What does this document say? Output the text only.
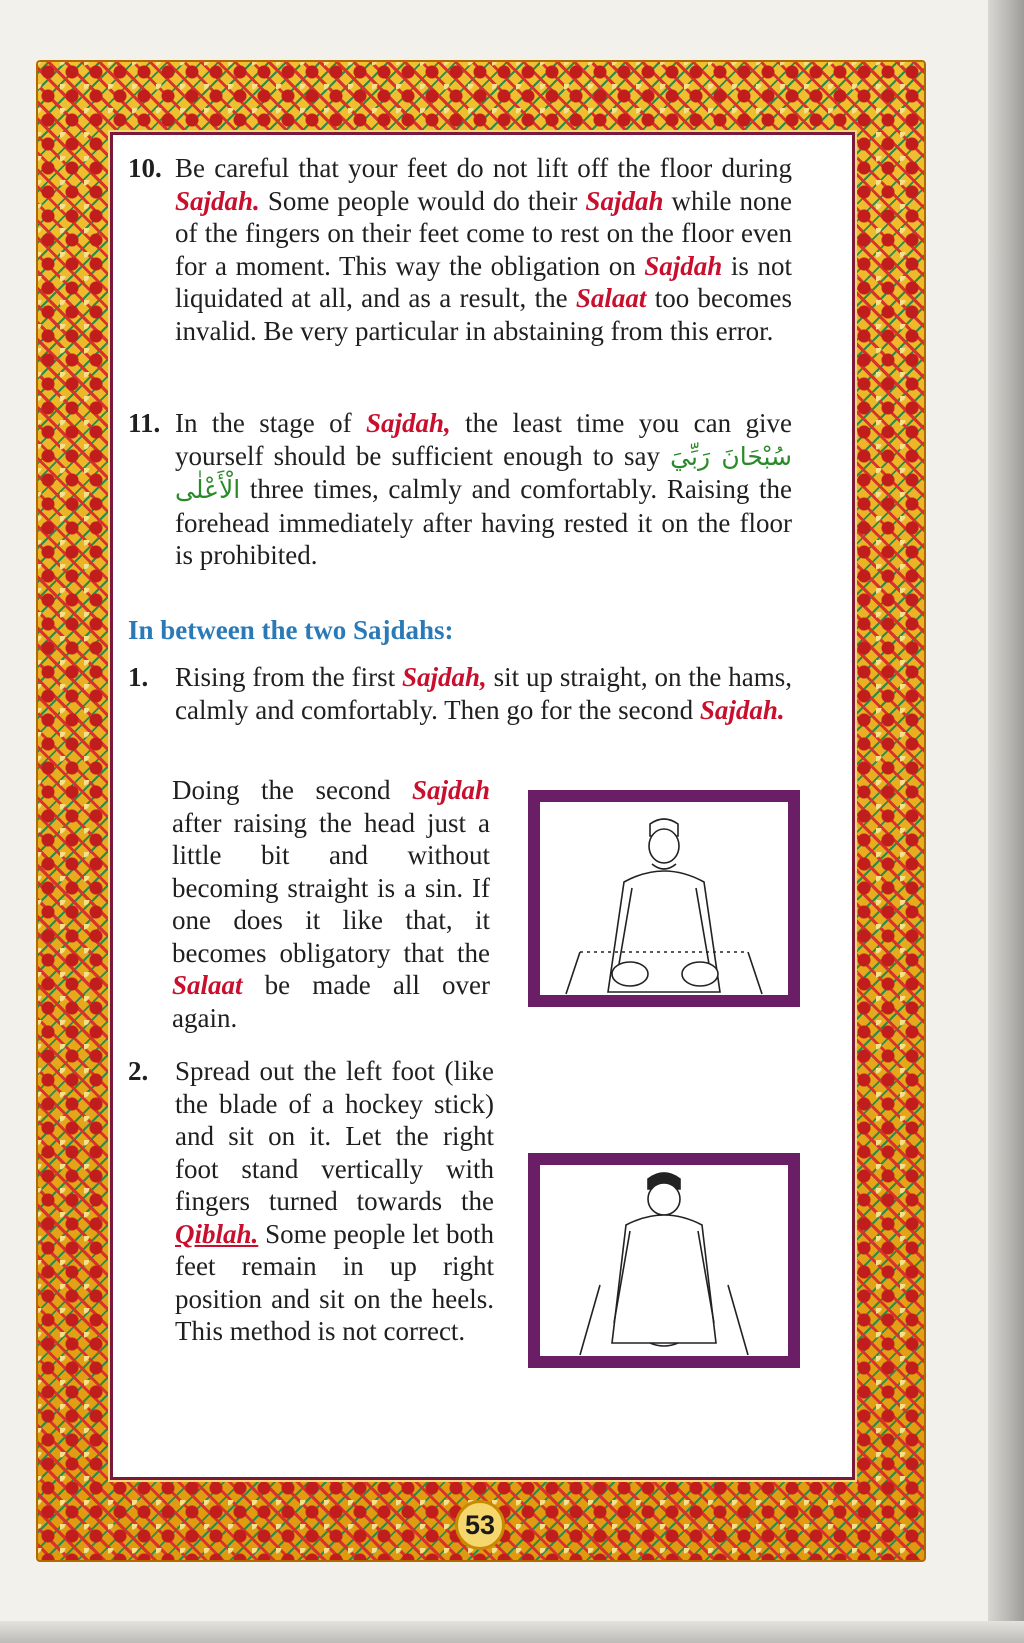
10. Be careful that your feet do not lift off the floor during Sajdah. Some people would do their Sajdah while none of the fingers on their feet come to rest on the floor even for a moment. This way the obligation on Sajdah is not liquidated at all, and as a result, the Salaat too becomes invalid. Be very particular in abstaining from this error.
11. In the stage of Sajdah, the least time you can give yourself should be sufficient enough to say سُبْحَانَ رَبِّيَ الْأَعْلٰى three times, calmly and comfortably. Raising the forehead immediately after having rested it on the floor is prohibited.
In between the two Sajdahs:
1. Rising from the first Sajdah, sit up straight, on the hams, calmly and comfortably. Then go for the second Sajdah.
Doing the second Sajdah after raising the head just a little bit and without becoming straight is a sin. If one does it like that, it becomes obligatory that the Salaat be made all over again.
2. Spread out the left foot (like the blade of a hockey stick) and sit on it. Let the right foot stand vertically with fingers turned towards the Qiblah. Some people let both feet remain in up right position and sit on the heels. This method is not correct.
53
